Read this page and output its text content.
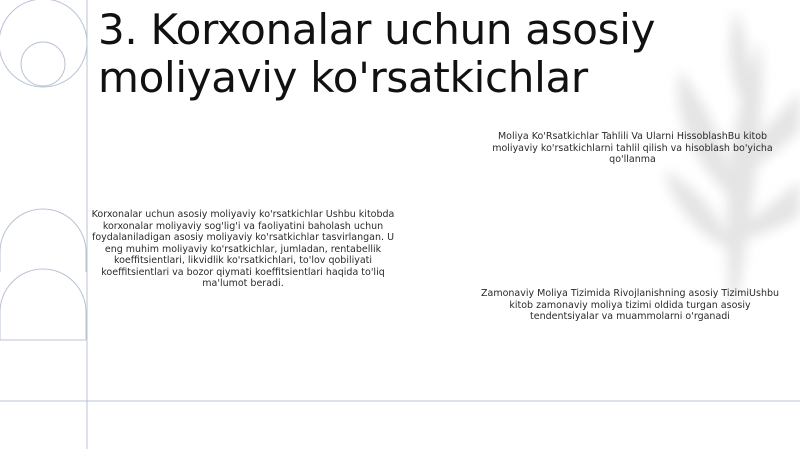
3. Korxonalar uchun asosiy moliyaviy ko'rsatkichlar
Moliya Ko'Rsatkichlar Tahlili Va Ularni HissoblashBu kitob moliyaviy ko'rsatkichlarni tahlil qilish va hisoblash bo'yicha qo'llanma
Korxonalar uchun asosiy moliyaviy ko'rsatkichlar Ushbu kitobda korxonalar moliyaviy sog'lig'i va faoliyatini baholash uchun foydalaniladigan asosiy moliyaviy ko'rsatkichlar tasvirlangan. U eng muhim moliyaviy ko'rsatkichlar, jumladan, rentabellik koeffitsientlari, likvidlik ko'rsatkichlari, to'lov qobiliyati koeffitsientlari va bozor qiymati koeffitsientlari haqida to'liq ma'lumot beradi.
Zamonaviy Moliya Tizimida Rivojlanishning asosiy TizimiUshbu kitob zamonaviy moliya tizimi oldida turgan asosiy tendentsiyalar va muammolarni o'rganadi
